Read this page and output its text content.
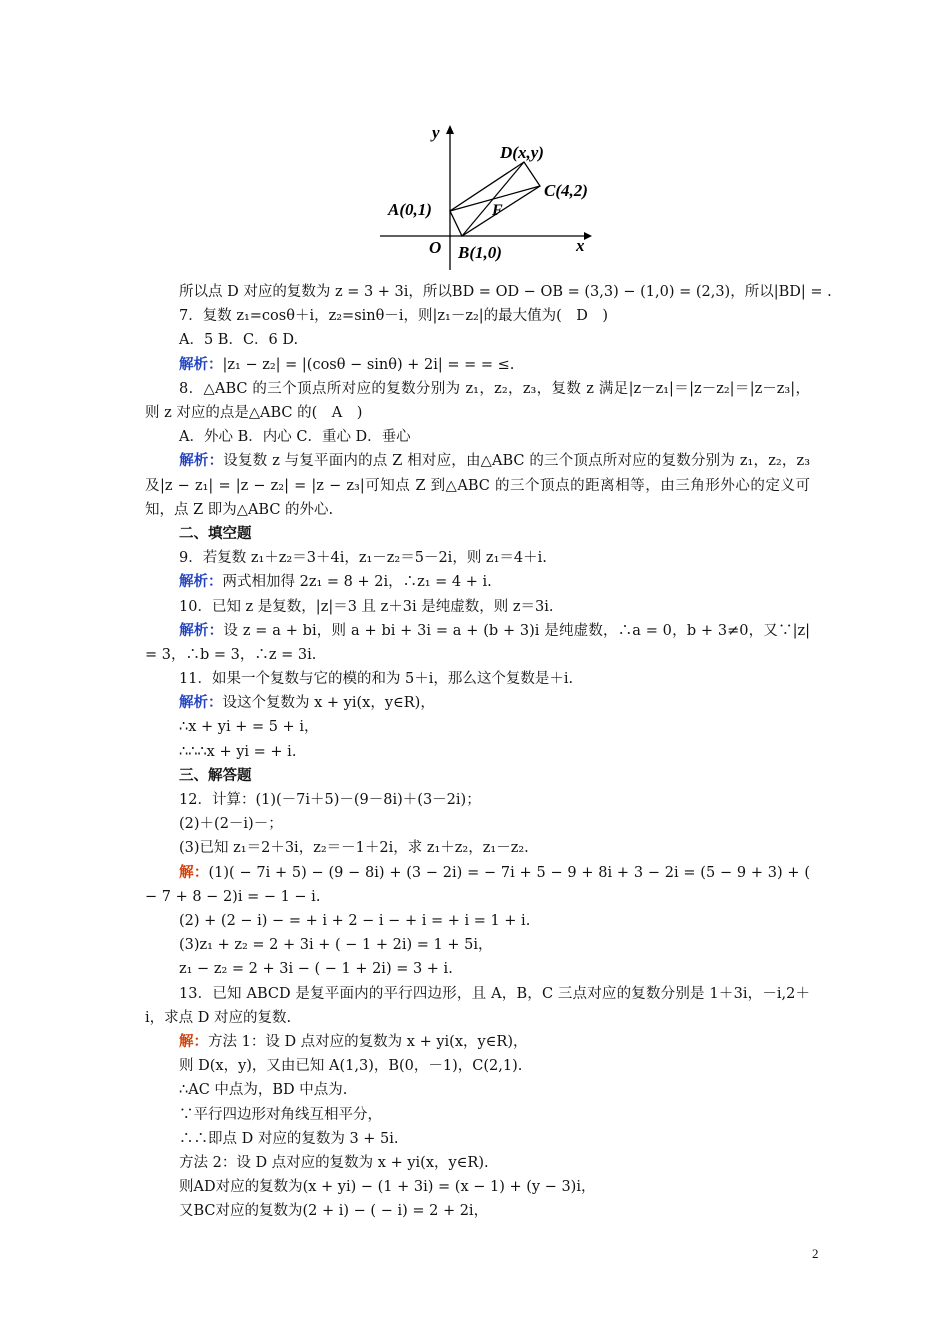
y
x
O
D(x,y)
C(4,2)
A(0,1)	F
B(1,0)
所以点 D 对应的复数为 z = 3 + 3i，所以BD = OD − OB = (3,3) − (1,0) = (2,3)，所以|BD| = .
7．复数 z₁=cosθ＋i，z₂=sinθ－i，则|z₁－z₂|的最大值为(　D　)
A．5 B．C．6 D.
解析：|z₁ − z₂| = |(cosθ − sinθ) + 2i| = = = ≤.
8．△ABC 的三个顶点所对应的复数分别为 z₁，z₂，z₃，复数 z 满足|z－z₁|＝|z－z₂|＝|z－z₃|，则 z 对应的点是△ABC 的(　A　)
A．外心 B．内心 C．重心 D．垂心
解析：设复数 z 与复平面内的点 Z 相对应，由△ABC 的三个顶点所对应的复数分别为 z₁，z₂，z₃及|z − z₁| = |z − z₂| = |z − z₃|可知点 Z 到△ABC 的三个顶点的距离相等，由三角形外心的定义可知，点 Z 即为△ABC 的外心.
二、填空题
9．若复数 z₁＋z₂＝3＋4i，z₁－z₂＝5－2i，则 z₁＝4＋i.
解析：两式相加得 2z₁ = 8 + 2i，∴z₁ = 4 + i.
10．已知 z 是复数，|z|＝3 且 z＋3i 是纯虚数，则 z＝3i.
解析：设 z = a + bi，则 a + bi + 3i = a + (b + 3)i 是纯虚数，∴a = 0，b + 3≠0，又∵|z| = 3，∴b = 3，∴z = 3i.
11．如果一个复数与它的模的和为 5＋i，那么这个复数是＋i.
解析：设这个复数为 x + yi(x，y∈R)，
∴x + yi + = 5 + i，
∴∴∴x + yi = + i.
三、解答题
12．计算：(1)(－7i＋5)－(9－8i)＋(3－2i)；
(2)＋(2－i)－；
(3)已知 z₁＝2＋3i，z₂＝－1＋2i，求 z₁＋z₂，z₁－z₂.
解：(1)( − 7i + 5) − (9 − 8i) + (3 − 2i) = − 7i + 5 − 9 + 8i + 3 − 2i = (5 − 9 + 3) + ( − 7 + 8 − 2)i = − 1 − i.
(2) + (2 − i) − = + i + 2 − i − + i = + i = 1 + i.
(3)z₁ + z₂ = 2 + 3i + ( − 1 + 2i) = 1 + 5i，
z₁ − z₂ = 2 + 3i − ( − 1 + 2i) = 3 + i.
13．已知 ABCD 是复平面内的平行四边形，且 A，B，C 三点对应的复数分别是 1＋3i，－i,2＋i，求点 D 对应的复数.
解：方法 1：设 D 点对应的复数为 x + yi(x，y∈R)，
则 D(x，y)，又由已知 A(1,3)，B(0，－1)，C(2,1).
∴AC 中点为，BD 中点为.
∵平行四边形对角线互相平分，
∴∴即点 D 对应的复数为 3 + 5i.
方法 2：设 D 点对应的复数为 x + yi(x，y∈R).
则AD对应的复数为(x + yi) − (1 + 3i) = (x − 1) + (y − 3)i，
又BC对应的复数为(2 + i) − ( − i) = 2 + 2i，
2
